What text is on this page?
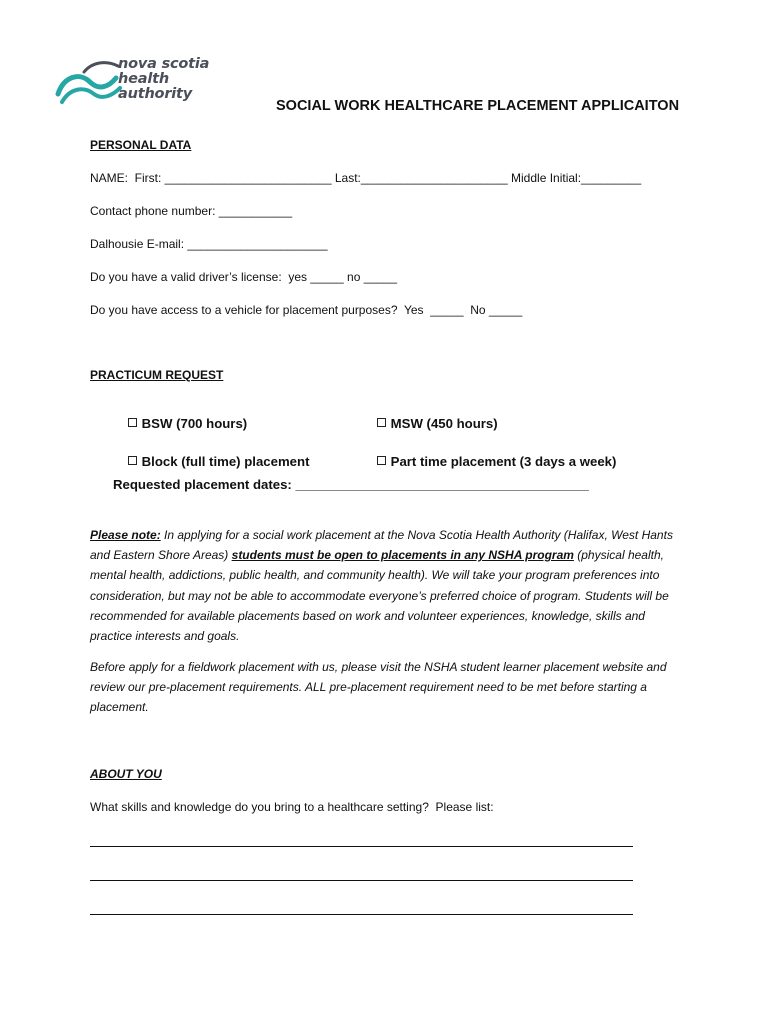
nova scotia
health authority
SOCIAL WORK HEALTHCARE PLACEMENT APPLICAITON
PERSONAL DATA
NAME:  First: _________________________ Last:______________________ Middle Initial:_________
Contact phone number: ___________
Dalhousie E-mail: _____________________
Do you have a valid driver’s license:  yes _____ no _____
Do you have access to a vehicle for placement purposes?  Yes  _____  No _____
PRACTICUM REQUEST

BSW (700 hours)
	MSW (450 hours)

Block (full time) placement
	Part time placement (3 days a week)

Requested placement dates: ________________________________________
Please note: In applying for a social work placement at the Nova Scotia Health Authority (Halifax, West Hants and Eastern Shore Areas) students must be open to placements in any NSHA program (physical health, mental health, addictions, public health, and community health). We will take your program preferences into consideration, but may not be able to accommodate everyone’s preferred choice of program. Students will be recommended for available placements based on work and volunteer experiences, knowledge, skills and practice interests and goals.
Before apply for a fieldwork placement with us, please visit the NSHA student learner placement website and review our pre-placement requirements. ALL pre-placement requirement need to be met before starting a placement.
ABOUT YOU
What skills and knowledge do you bring to a healthcare setting?  Please list:
